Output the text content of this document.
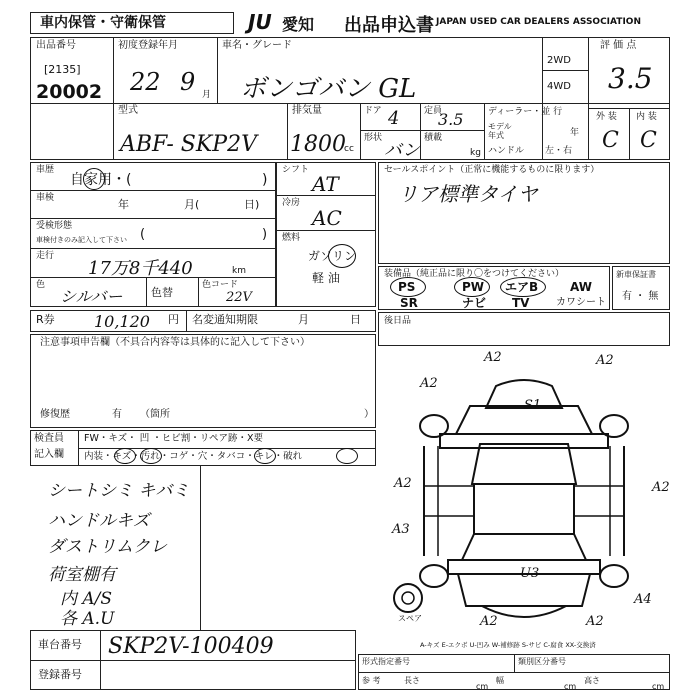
車内保管・守衛保管	JU 愛知 出品申込書 JAPAN USED CAR DEALERS ASSOCIATION
出品番号
[2135]
20002
初度登録年月
22 9 月
車名・グレード
ボンゴバン GL
2WD
4WD
評 価 点
3.5
型式
ABF- SKP2V
排気量
1800
cc
ドア 4	定員
3.5
形状
バン
積載
kg
ディーラー・並 行
モデル 年式	年
ハンドル 左・右
外 装 内 装
C C
車歴
自家用・(	)
車検	年	月(	日)
受検形態
車検付きのみ記入して下さい (	)
走行
17万8千440	km
色
シルバー	色替
色コード
22V
シフト
AT
冷房
AC
燃料
ガソリン
軽 油
R券 10,120 円 名変通知期限	月	日
注意事項申告欄（不具合内容等は具体的に記入して下さい）
修復歴	有 （箇所	）
検査員
記入欄
FW・キズ・ 凹 ・ヒビ割・リペア跡・X要
内装・キズ・汚れ・コゲ・穴・タバコ・キレ・破れ
シートシミ キバミ
ハンドルキズ
ダストリムクレ
荷室棚有
内 A/S
各 A.U
セールスポイント（正常に機能するものに限ります）
リア標準タイヤ
装備品（純正品に限り〇をつけてください）
PS	PW エアB	AW
SR	ナビ TV	カワシート
新車保証書
有 ・ 無
後日品
A2	A2
A2
S1
A2	A2
A3
U3
A4
A2	A2
スペア
A-キズ E-エクボ U-凹み W-補修跡 S-サビ C-腐食 XX-交換済
車台番号 SKP2V-100409
登録番号
形式指定番号	類別区分番号
参 考	長さ
cm
幅
cm
高さ
cm
